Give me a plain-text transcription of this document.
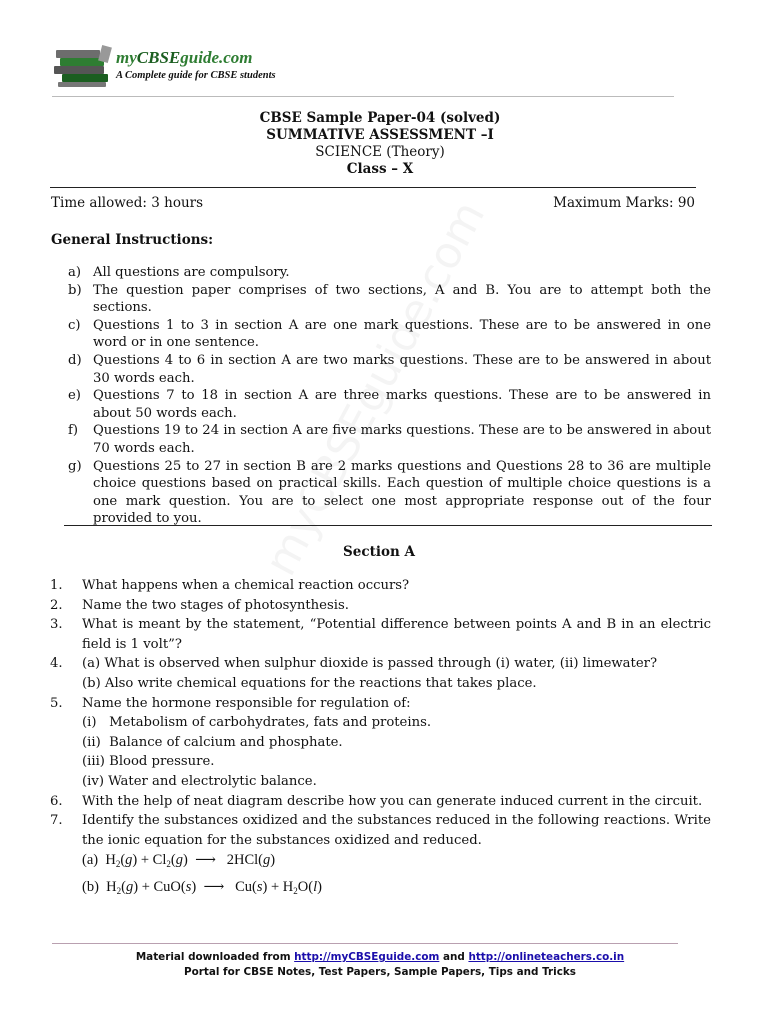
myCBSEguide.com
A Complete guide for CBSE students
CBSE Sample Paper-04 (solved)
SUMMATIVE ASSESSMENT –I
SCIENCE (Theory)
Class – X
Time allowed: 3 hours	Maximum Marks: 90
General Instructions:
a) All questions are compulsory.
b) The question paper comprises of two sections, A and B. You are to attempt both the sections.
c) Questions 1 to 3 in section A are one mark questions. These are to be answered in one word or in one sentence.
d) Questions 4 to 6 in section A are two marks questions. These are to be answered in about 30 words each.
e) Questions 7 to 18 in section A are three marks questions. These are to be answered in about 50 words each.
f)	Questions 19 to 24 in section A are five marks questions. These are to be answered in about 70 words each.
g) Questions 25 to 27 in section B are 2 marks questions and Questions 28 to 36 are multiple choice questions based on practical skills. Each question of multiple choice questions is a one mark question. You are to select one most appropriate response out of the four provided to you.
Section A
1.	What happens when a chemical reaction occurs?
2.	Name the two stages of photosynthesis.
3.	What is meant by the statement, “Potential difference between points A and B in an electric field is 1 volt”?
4.	(a) What is observed when sulphur dioxide is passed through (i) water, (ii) limewater?
(b) Also write chemical equations for the reactions that takes place.
5.	Name the hormone responsible for regulation of:
(i)   Metabolism of carbohydrates, fats and proteins.
(ii)  Balance of calcium and phosphate.
(iii) Blood pressure.
(iv) Water and electrolytic balance.
6.	With the help of neat diagram describe how you can generate induced current in the circuit.
7.	Identify the substances oxidized and the substances reduced in the following reactions. Write the ionic equation for the substances oxidized and reduced.
(a)  $H_2(g) + Cl_2(g)$  ⟶   2HCl(g)
(b)  $H_2(g) + CuO(s)$  ⟶   $Cu(s) + H_2O(l)$
Material downloaded from http://myCBSEguide.com and http://onlineteachers.co.in
Portal for CBSE Notes, Test Papers, Sample Papers, Tips and Tricks
